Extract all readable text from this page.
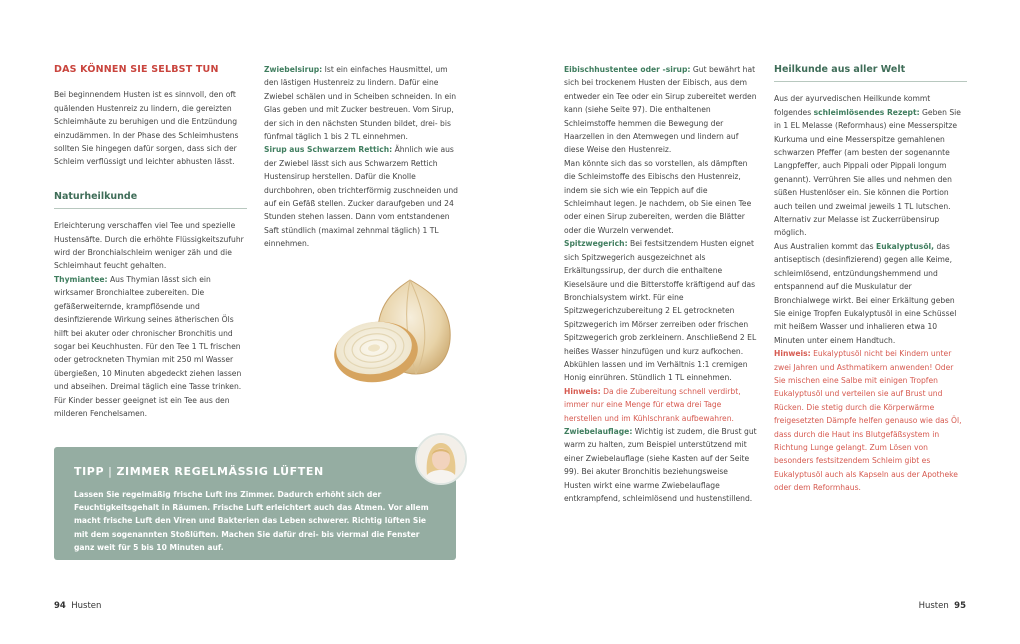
DAS KÖNNEN SIE SELBST TUN

Bei beginnendem Husten ist es sinnvoll, den oft quälenden Hustenreiz zu lindern, die gereizten Schleimhäute zu beruhigen und die Entzündung einzudämmen. In der Phase des Schleimhustens sollten Sie hingegen dafür sorgen, dass sich der Schleim verflüssigt und leichter abhusten lässt.

Naturheilkunde

Erleichterung verschaffen viel Tee und spezielle Hustensäfte. Durch die erhöhte Flüssigkeitszufuhr wird der Bronchialschleim weniger zäh und die Schleimhaut feucht gehalten.

Thymiantee: Aus Thymian lässt sich ein wirksamer Bronchialtee zubereiten. Die gefäßerweiternde, krampflösende und desinfizierende Wirkung seines ätherischen Öls hilft bei akuter oder chronischer Bronchitis und sogar bei Keuchhusten. Für den Tee 1 TL frischen oder getrockneten Thymian mit 250 ml Wasser übergießen, 10 Minuten abgedeckt ziehen lassen und abseihen. Dreimal täglich eine Tasse trinken. Für Kinder besser geeignet ist ein Tee aus den milderen Fenchelsamen.

Zwiebelsirup: Ist ein einfaches Hausmittel, um den lästigen Hustenreiz zu lindern. Dafür eine Zwiebel schälen und in Scheiben schneiden. In ein Glas geben und mit Zucker bestreuen. Vom Sirup, der sich in den nächsten Stunden bildet, drei- bis fünfmal täglich 1 bis 2 TL einnehmen.

Sirup aus Schwarzem Rettich: Ähnlich wie aus der Zwiebel lässt sich aus Schwarzem Rettich Hustensirup herstellen. Dafür die Knolle durchbohren, oben trichterförmig zuschneiden und auf ein Gefäß stellen. Zucker daraufgeben und 24 Stunden stehen lassen. Dann vom entstandenen Saft stündlich (maximal zehnmal täglich) 1 TL einnehmen.

TIPP | ZIMMER REGELMÄSSIG LÜFTEN
Lassen Sie regelmäßig frische Luft ins Zimmer. Dadurch erhöht sich der Feuchtigkeitsgehalt in Räumen. Frische Luft erleichtert auch das Atmen. Vor allem macht frische Luft den Viren und Bakterien das Leben schwerer. Richtig lüften Sie mit dem sogenannten Stoßlüften. Machen Sie dafür drei- bis viermal die Fenster ganz weit für 5 bis 10 Minuten auf.
94 Husten

Eibischhustentee oder -sirup: Gut bewährt hat sich bei trockenem Husten der Eibisch, aus dem entweder ein Tee oder ein Sirup zubereitet werden kann (siehe Seite 97). Die enthaltenen Schleimstoffe hemmen die Bewegung der Haarzellen in den Atemwegen und lindern auf diese Weise den Hustenreiz.

Man könnte sich das so vorstellen, als dämpften die Schleimstoffe des Eibischs den Hustenreiz, indem sie sich wie ein Teppich auf die Schleimhaut legen. Je nachdem, ob Sie einen Tee oder einen Sirup zubereiten, werden die Blätter oder die Wurzeln verwendet.

Spitzwegerich: Bei festsitzendem Husten eignet sich Spitzwegerich ausgezeichnet als Erkältungssirup, der durch die enthaltene Kieselsäure und die Bitterstoffe kräftigend auf das Bronchialsystem wirkt. Für eine Spitzwegerichzubereitung 2 EL getrockneten Spitzwegerich im Mörser zerreiben oder frischen Spitzwegerich grob zerkleinern. Anschließend 2 EL heißes Wasser hinzufügen und kurz aufkochen. Abkühlen lassen und im Verhältnis 1:1 cremigen Honig einrühren. Stündlich 1 TL einnehmen.

Hinweis: Da die Zubereitung schnell verdirbt, immer nur eine Menge für etwa drei Tage herstellen und im Kühlschrank aufbewahren.

Zwiebelauflage: Wichtig ist zudem, die Brust gut warm zu halten, zum Beispiel unterstützend mit einer Zwiebelauflage (siehe Kasten auf der Seite 99). Bei akuter Bronchitis beziehungsweise Husten wirkt eine warme Zwiebelauflage entkrampfend, schleimlösend und hustenstillend.

Heilkunde aus aller Welt

Aus der ayurvedischen Heilkunde kommt folgendes schleimlösendes Rezept: Geben Sie in 1 EL Melasse (Reformhaus) eine Messerspitze Kurkuma und eine Messerspitze gemahlenen schwarzen Pfeffer (am besten der sogenannte Langpfeffer, auch Pippali oder Pippali longum genannt). Verrühren Sie alles und nehmen den süßen Hustenlöser ein. Sie können die Portion auch teilen und zweimal jeweils 1 TL lutschen. Alternativ zur Melasse ist Zuckerrübensirup möglich.

Aus Australien kommt das Eukalyptusöl, das antiseptisch (desinfizierend) gegen alle Keime, schleimlösend, entzündungshemmend und entspannend auf die Muskulatur der Bronchialwege wirkt. Bei einer Erkältung geben Sie einige Tropfen Eukalyptusöl in eine Schüssel mit heißem Wasser und inhalieren etwa 10 Minuten unter einem Handtuch.

Hinweis: Eukalyptusöl nicht bei Kindern unter zwei Jahren und Asthmatikern anwenden! Oder Sie mischen eine Salbe mit einigen Tropfen Eukalyptusöl und verteilen sie auf Brust und Rücken. Die stetig durch die Körperwärme freigesetzten Dämpfe helfen genauso wie das Öl, dass durch die Haut ins Blutgefäßsystem in Richtung Lunge gelangt. Zum Lösen von besonders festsitzendem Schleim gibt es Eukalyptusöl auch als Kapseln aus der Apotheke oder dem Reformhaus.

Husten 95
